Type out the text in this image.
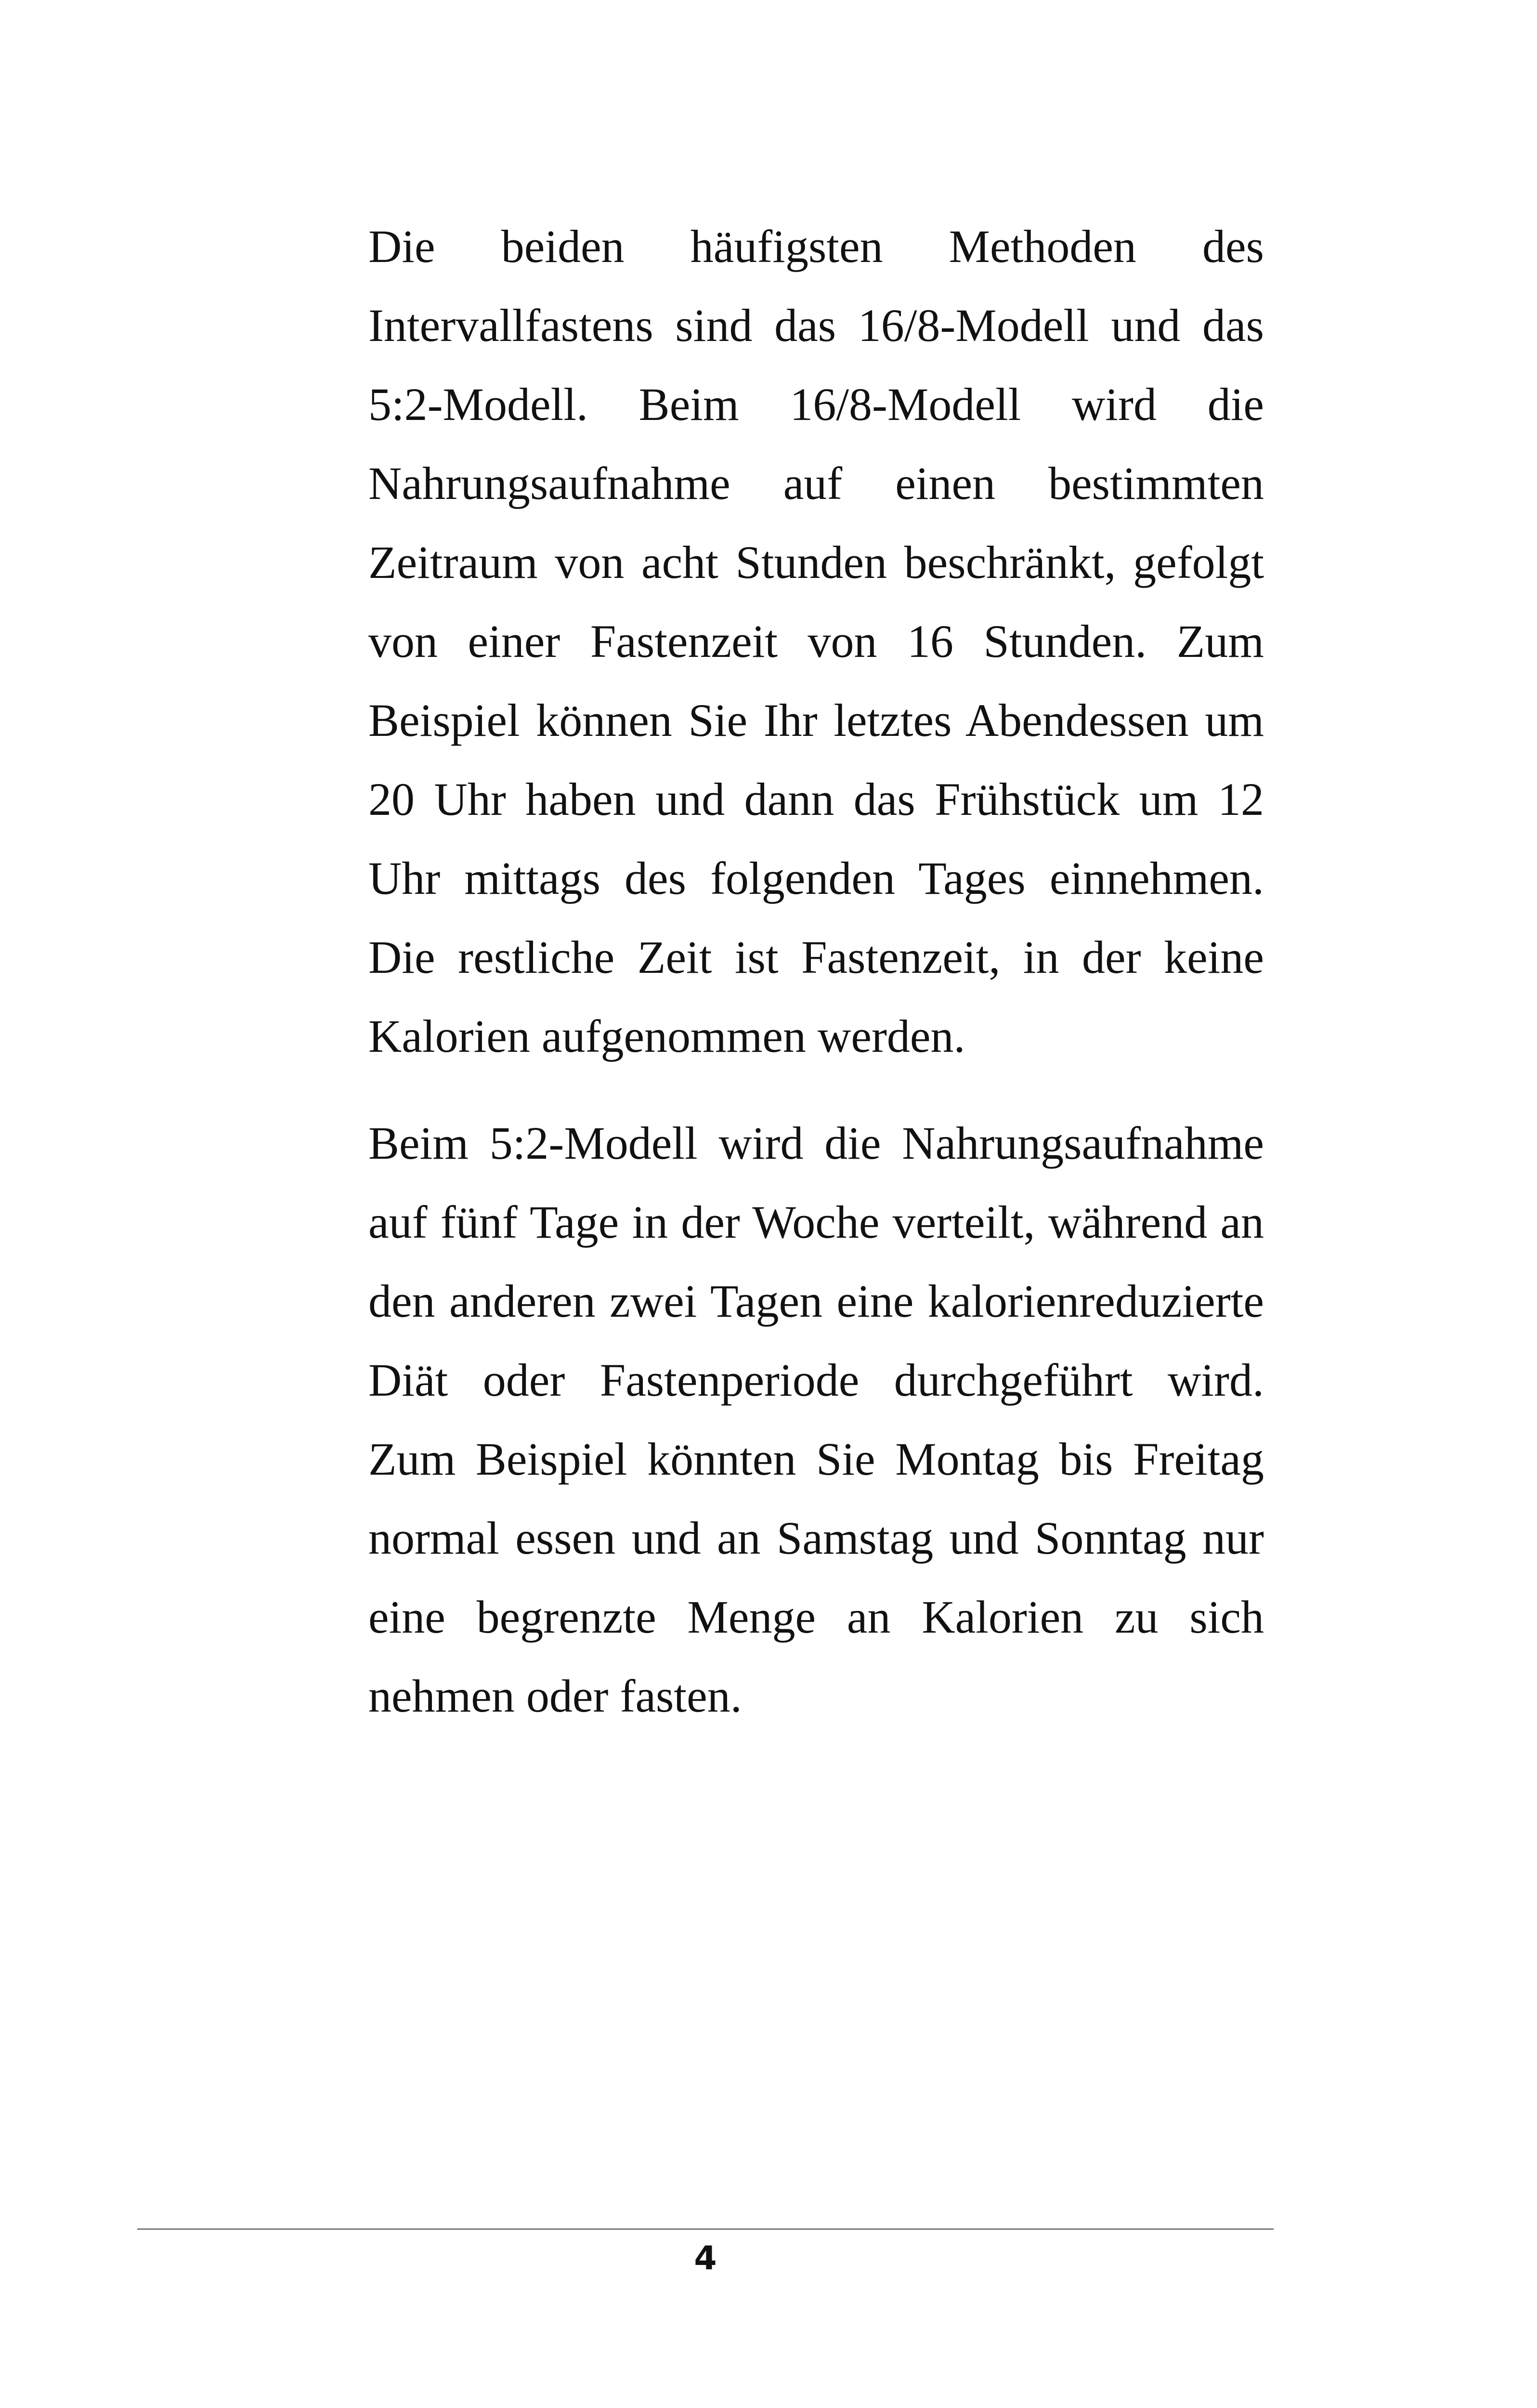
Die beiden häufigsten Methoden des Intervallfastens sind das 16/8-Modell und das 5:2-Modell. Beim 16/8-Modell wird die Nahrungsaufnahme auf einen bestimmten Zeitraum von acht Stunden beschränkt, gefolgt von einer Fastenzeit von 16 Stunden. Zum Beispiel können Sie Ihr letztes Abendessen um 20 Uhr haben und dann das Frühstück um 12 Uhr mittags des folgenden Tages einnehmen. Die restliche Zeit ist Fastenzeit, in der keine Kalorien aufgenommen werden.

Beim 5:2-Modell wird die Nahrungsaufnahme auf fünf Tage in der Woche verteilt, während an den anderen zwei Tagen eine kalorienreduzierte Diät oder Fastenperiode durchgeführt wird. Zum Beispiel könnten Sie Montag bis Freitag normal essen und an Samstag und Sonntag nur eine begrenzte Menge an Kalorien zu sich nehmen oder fasten.

4
